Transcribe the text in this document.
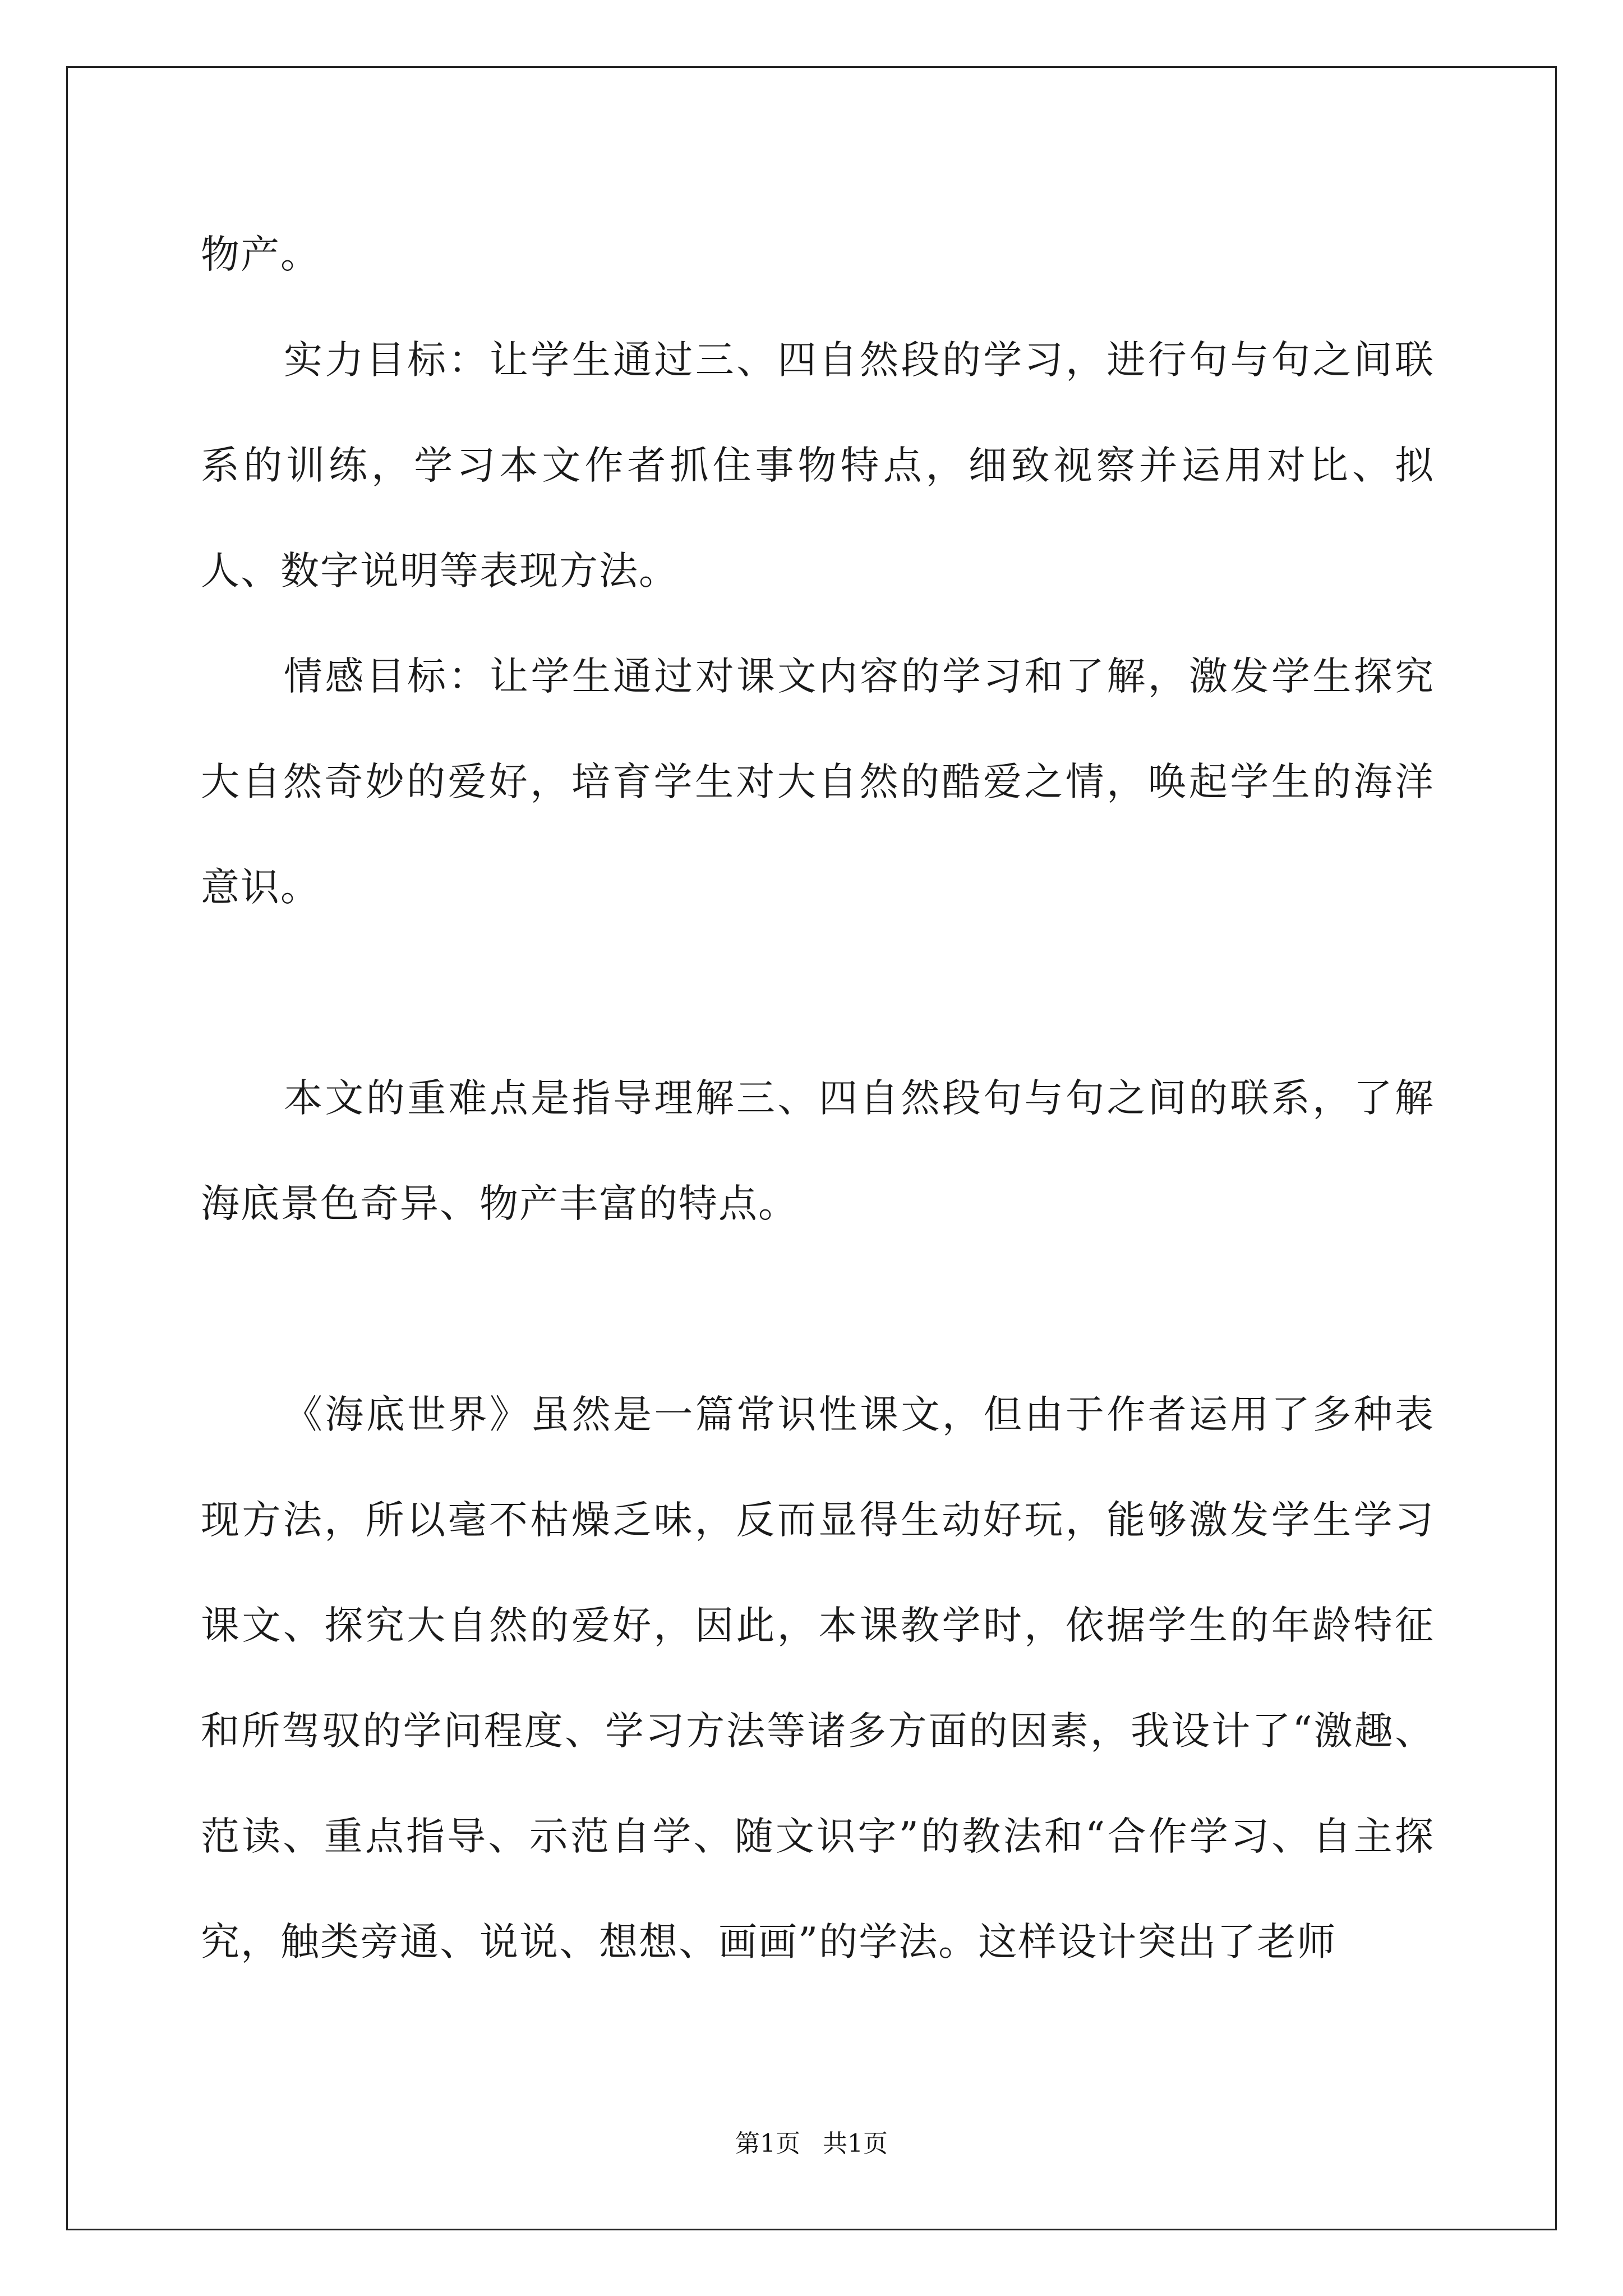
物产。

实力目标：让学生通过三、四自然段的学习，进行句与句之间联系的训练，学习本文作者抓住事物特点，细致视察并运用对比、拟人、数字说明等表现方法。

情感目标：让学生通过对课文内容的学习和了解，激发学生探究大自然奇妙的爱好，培育学生对大自然的酷爱之情，唤起学生的海洋意识。

本文的重难点是指导理解三、四自然段句与句之间的联系，了解海底景色奇异、物产丰富的特点。

《海底世界》虽然是一篇常识性课文，但由于作者运用了多种表现方法，所以毫不枯燥乏味，反而显得生动好玩，能够激发学生学习课文、探究大自然的爱好，因此，本课教学时，依据学生的年龄特征和所驾驭的学问程度、学习方法等诸多方面的因素，我设计了“激趣、范读、重点指导、示范自学、随文识字”的教法和“合作学习、自主探究，触类旁通、说说、想想、画画”的学法。这样设计突出了老师

第1页 共1页
